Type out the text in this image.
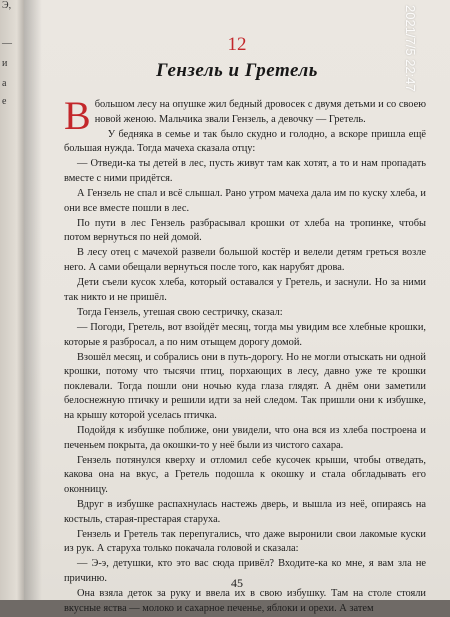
Э,
—
и
а
е
12
Гензель и Гретель

Вбольшом лесу на опушке жил бедный дровосек с двумя детьми и со своею новой женою. Мальчика звали Гензель, а девочку — Гретель.

У бедняка в семье и так было скудно и голодно, а вскоре пришла ещё большая нужда. Тогда мачеха сказала отцу:

— Отведи-ка ты детей в лес, пусть живут там как хотят, а то и нам пропадать вместе с ними придётся.

А Гензель не спал и всё слышал. Рано утром мачеха дала им по куску хлеба, и они все вместе пошли в лес.

По пути в лес Гензель разбрасывал крошки от хлеба на тропинке, чтобы потом вернуться по ней домой.

В лесу отец с мачехой развели большой костёр и велели детям греться возле него. А сами обещали вернуться после того, как нарубят дрова.

Дети съели кусок хлеба, который оставался у Гретель, и заснули. Но за ними так никто и не пришёл.

Тогда Гензель, утешая свою сестричку, сказал:

— Погоди, Гретель, вот взойдёт месяц, тогда мы увидим все хлебные крошки, которые я разбросал, а по ним отыщем дорогу домой.

Взошёл месяц, и собрались они в путь-дорогу. Но не могли отыскать ни одной крошки, потому что тысячи птиц, порхающих в лесу, давно уже те крошки поклевали. Тогда пошли они ночью куда глаза глядят. А днём они заметили белоснежную птичку и решили идти за ней следом. Так пришли они к избушке, на крышу которой уселась птичка.

Подойдя к избушке поближе, они увидели, что она вся из хлеба построена и печеньем покрыта, да окошки-то у неё были из чистого сахара.

Гензель потянулся кверху и отломил себе кусочек крыши, чтобы отведать, какова она на вкус, а Гретель подошла к окошку и стала обгладывать его оконницу.

Вдруг в избушке распахнулась настежь дверь, и вышла из неё, опираясь на костыль, старая-престарая старуха.

Гензель и Гретель так перепугались, что даже выронили свои лакомые куски из рук. А старуха только покачала головой и сказала:

— Э-э, детушки, кто это вас сюда привёл? Входите-ка ко мне, я вам зла не причиню.

Она взяла деток за руку и ввела их в свою избушку. Там на столе стояли вкусные яства — молоко и сахарное печенье, яблоки и орехи. А затем

45
2021/7/5 22:47
